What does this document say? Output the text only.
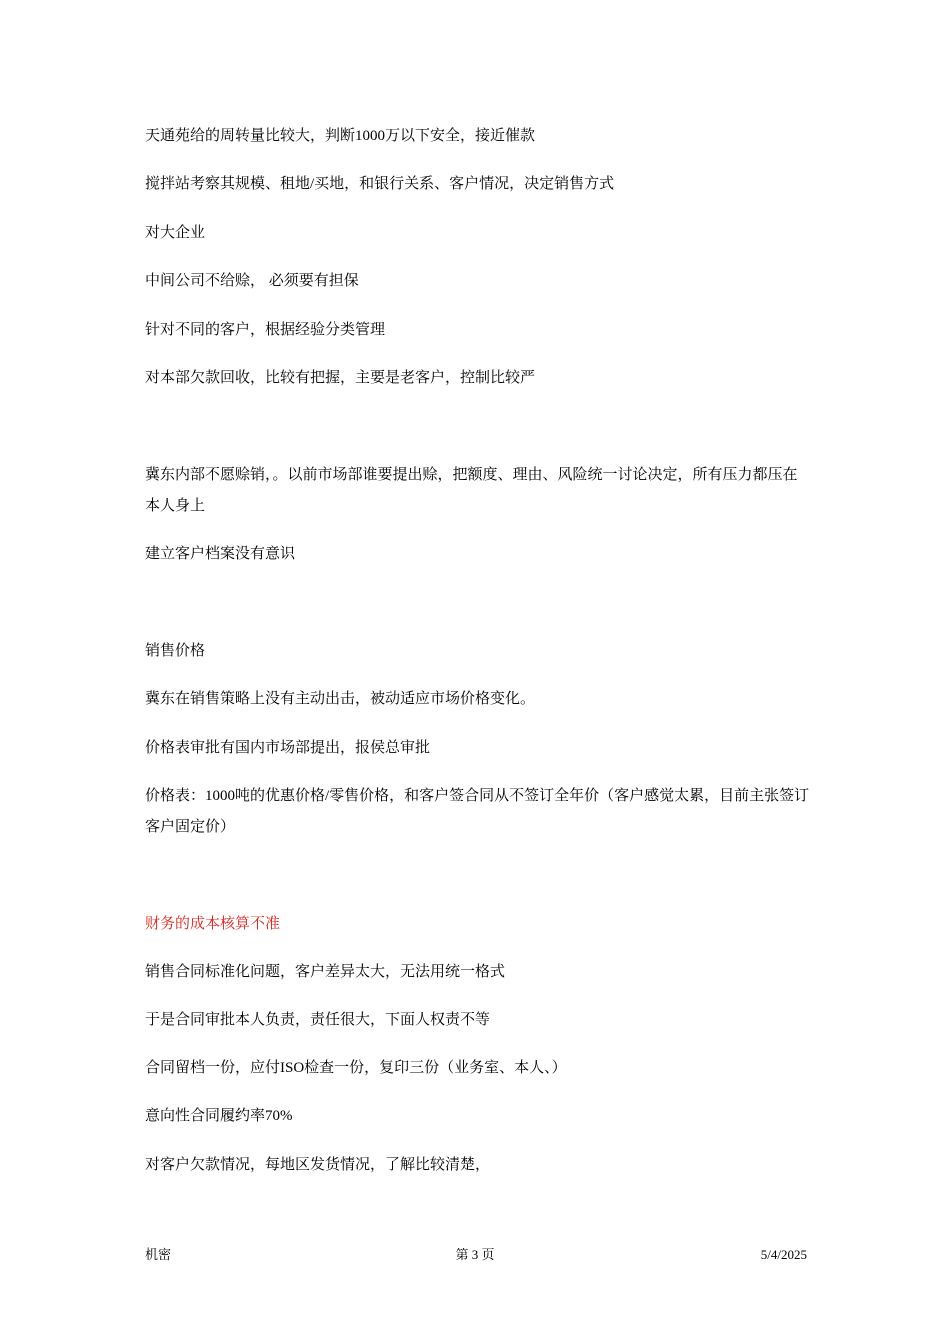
天通苑给的周转量比较大，判断1000万以下安全，接近催款
搅拌站考察其规模、租地/买地，和银行关系、客户情况，决定销售方式
对大企业
中间公司不给赊， 必须要有担保
针对不同的客户，根据经验分类管理
对本部欠款回收，比较有把握，主要是老客户，控制比较严
冀东内部不愿赊销，。以前市场部谁要提出赊，把额度、理由、风险统一讨论决定，所有压力都压在本人身上
建立客户档案没有意识
销售价格
冀东在销售策略上没有主动出击，被动适应市场价格变化。
价格表审批有国内市场部提出，报侯总审批
价格表：1000吨的优惠价格/零售价格，和客户签合同从不签订全年价（客户感觉太累，目前主张签订客户固定价）
财务的成本核算不准
销售合同标准化问题，客户差异太大，无法用统一格式
于是合同审批本人负责，责任很大，下面人权责不等
合同留档一份，应付ISO检查一份，复印三份（业务室、本人、）
意向性合同履约率70%
对客户欠款情况，每地区发货情况，了解比较清楚，
机密	第 3 页	5/4/2025
